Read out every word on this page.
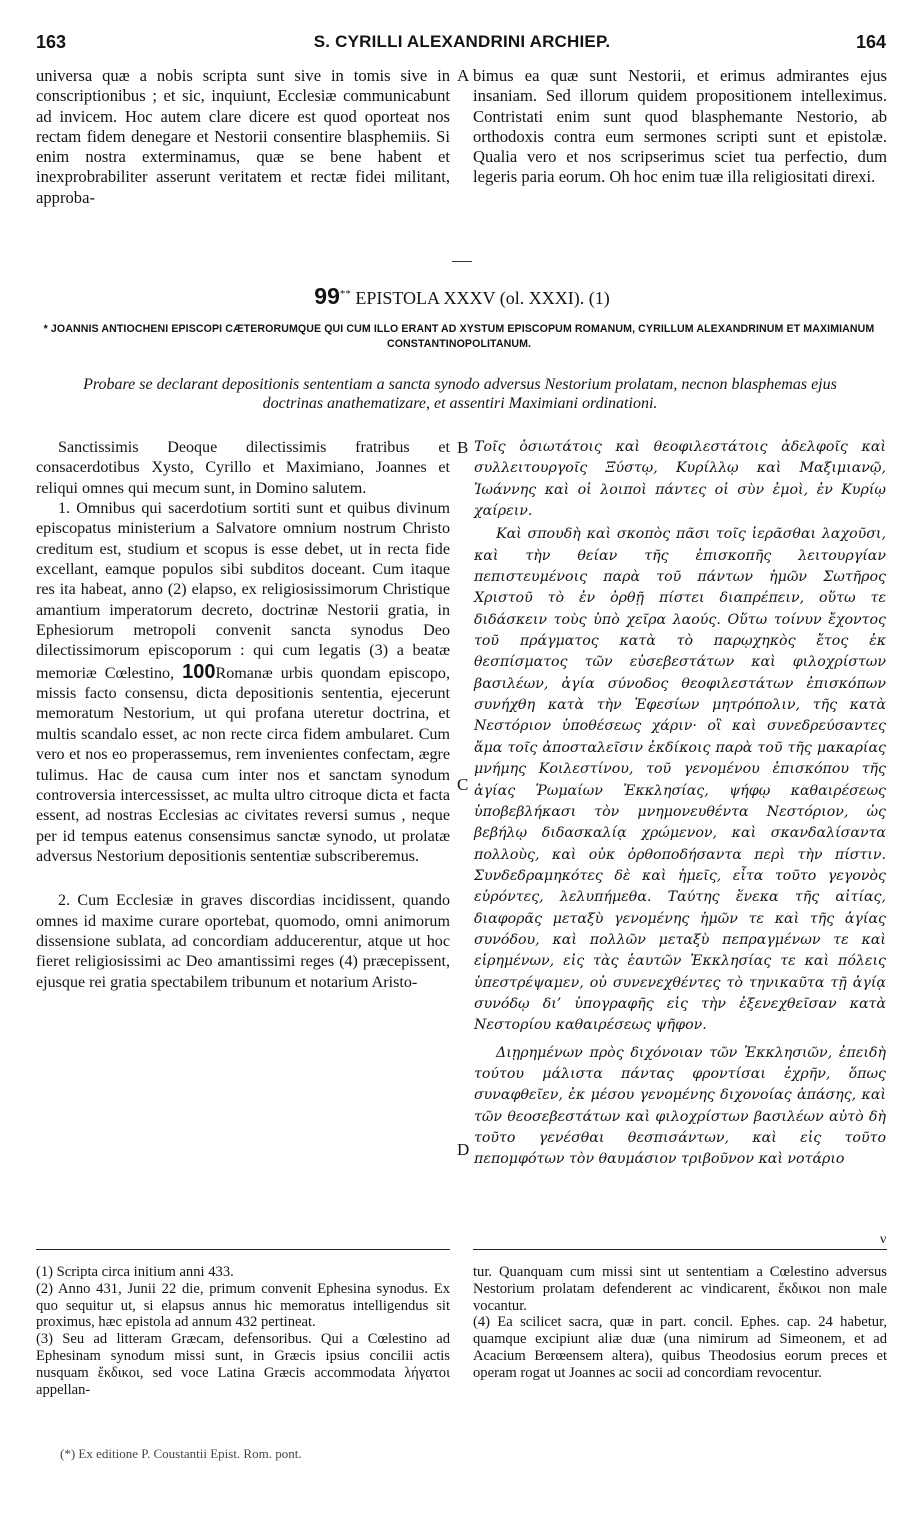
163	S. CYRILLI ALEXANDRINI ARCHIEP.	164

universa quæ a nobis scripta sunt sive in tomis sive in conscriptionibus ; et sic, inquiunt, Ecclesiæ communicabunt ad invicem. Hoc autem clare dicere est quod oporteat nos rectam fidem denegare et Nestorii consentire blasphemiis. Si enim nostra exterminamus, quæ se bene habent et inexprobrabiliter asserunt veritatem et rectæ fidei militant, approba-

A bimus ea quæ sunt Nestorii, et erimus admirantes ejus insaniam. Sed illorum quidem propositionem intelleximus. Contristati enim sunt quod blasphemante Nestorio, ab orthodoxis contra eum sermones scripti sunt et epistolæ. Qualia vero et nos scripserimus sciet tua perfectio, dum legeris paria eorum. Oh hoc enim tuæ illa religiositati direxi.

99** EPISTOLA XXXV (ol. XXXI). (1)
* JOANNIS ANTIOCHENI EPISCOPI CÆTERORUMQUE QUI CUM ILLO ERANT AD XYSTUM EPISCOPUM ROMANUM, CYRILLUM ALEXANDRINUM ET MAXIMIANUM CONSTANTINOPOLITANUM.
Probare se declarant depositionis sententiam a sancta synodo adversus Nestorium prolatam, necnon blasphemas ejus doctrinas anathematizare, et assentiri Maximiani ordinationi.

Sanctissimis Deoque dilectissimis fratribus et consacerdotibus Xysto, Cyrillo et Maximiano, Joannes et reliqui omnes qui mecum sunt, in Domino salutem.

1. Omnibus qui sacerdotium sortiti sunt et quibus divinum episcopatus ministerium a Salvatore omnium nostrum Christo creditum est, studium et scopus is esse debet, ut in recta fide excellant, eamque populos sibi subditos doceant. Cum itaque res ita habeat, anno (2) elapso, ex religiosissimorum Christique amantium imperatorum decreto, doctrinæ Nestorii gratia, in Ephesiorum metropoli convenit sancta synodus Deo dilectissimorum episcoporum : qui cum legatis (3) a beatæ memoriæ Cœlestino, 100Romanæ urbis quondam episcopo, missis facto consensu, dicta depositionis sententia, ejecerunt memoratum Nestorium, ut qui profana uteretur doctrina, et multis scandalo esset, ac non recte circa fidem ambularet. Cum vero et nos eo properassemus, rem invenientes confectam, ægre tulimus. Hac de causa cum inter nos et sanctam synodum controversia intercessisset, ac multa ultro citroque dicta et facta essent, ad nostras Ecclesias ac civitates reversi sumus , neque per id tempus eatenus consensimus sanctæ synodo, ut prolatæ adversus Nestorium depositionis sententiæ subscriberemus.

2. Cum Ecclesiæ in graves discordias incidissent, quando omnes id maxime curare oportebat, quomodo, omni animorum dissensione sublata, ad concordiam adducerentur, atque ut hoc fieret religiosissimi ac Deo amantissimi reges (4) præcepissent, ejusque rei gratia spectabilem tribunum et notarium Aristo-

B
C
D

Τοῖς ὁσιωτάτοις καὶ θεοφιλεστάτοις ἀδελφοῖς καὶ συλλειτουργοῖς Ξύστῳ, Κυρίλλῳ καὶ Μαξιμιανῷ, Ἰωάννης καὶ οἱ λοιποὶ πάντες οἱ σὺν ἐμοὶ, ἐν Κυρίῳ χαίρειν.

Καὶ σπουδὴ καὶ σκοπὸς πᾶσι τοῖς ἱερᾶσθαι λαχοῦσι, καὶ τὴν θείαν τῆς ἐπισκοπῆς λειτουργίαν πεπιστευμένοις παρὰ τοῦ πάντων ἡμῶν Σωτῆρος Χριστοῦ τὸ ἐν ὀρθῇ πίστει διαπρέπειν, οὕτω τε διδάσκειν τοὺς ὑπὸ χεῖρα λαούς. Οὕτω τοίνυν ἔχοντος τοῦ πράγματος κατὰ τὸ παρῳχηκὸς ἔτος ἐκ θεσπίσματος τῶν εὐσεβεστάτων καὶ φιλοχρίστων βασιλέων, ἁγία σύνοδος θεοφιλεστάτων ἐπισκόπων συνήχθη κατὰ τὴν Ἐφεσίων μητρόπολιν, τῆς κατὰ Νεστόριον ὑποθέσεως χάριν· οἳ καὶ συνεδρεύσαντες ἅμα τοῖς ἀποσταλεῖσιν ἐκδίκοις παρὰ τοῦ τῆς μακαρίας μνήμης Κοιλεστίνου, τοῦ γενομένου ἐπισκόπου τῆς ἁγίας Ῥωμαίων Ἐκκλησίας, ψήφῳ καθαιρέσεως ὑποβεβλήκασι τὸν μνημονευθέντα Νεστόριον, ὡς βεβήλῳ διδασκαλίᾳ χρώμενον, καὶ σκανδαλίσαντα πολλοὺς, καὶ οὐκ ὀρθοποδήσαντα περὶ τὴν πίστιν. Συνδεδραμηκότες δὲ καὶ ἡμεῖς, εἶτα τοῦτο γεγονὸς εὑρόντες, λελυπήμεθα. Ταύτης ἕνεκα τῆς αἰτίας, διαφορᾶς μεταξὺ γενομένης ἡμῶν τε καὶ τῆς ἁγίας συνόδου, καὶ πολλῶν μεταξὺ πεπραγμένων τε καὶ εἰρημένων, εἰς τὰς ἑαυτῶν Ἐκκλησίας τε καὶ πόλεις ὑπεστρέψαμεν, οὐ συνενεχθέντες τὸ τηνικαῦτα τῇ ἁγίᾳ συνόδῳ δι’ ὑπογραφῆς εἰς τὴν ἐξενεχθεῖσαν κατὰ Νεστορίου καθαιρέσεως ψῆφον.

Διῃρημένων πρὸς διχόνοιαν τῶν Ἐκκλησιῶν, ἐπειδὴ τούτου μάλιστα πάντας φροντίσαι ἐχρῆν, ὅπως συναφθεῖεν, ἐκ μέσου γενομένης διχονοίας ἁπάσης, καὶ τῶν θεοσεβεστάτων καὶ φιλοχρίστων βασιλέων αὐτὸ δὴ τοῦτο γενέσθαι θεσπισάντων, καὶ εἰς τοῦτο πεπομφότων τὸν θαυμάσιον τριβοῦνον καὶ νοτάριο

ν

(1) Scripta circa initium anni 433.

(2) Anno 431, Junii 22 die, primum convenit Ephesina synodus. Ex quo sequitur ut, si elapsus annus hic memoratus intelligendus sit proximus, hæc epistola ad annum 432 pertineat.

(3) Seu ad litteram Græcam, defensoribus. Qui a Cœlestino ad Ephesinam synodum missi sunt, in Græcis ipsius concilii actis nusquam ἔκδικοι, sed voce Latina Græcis accommodata λήγατοι appellan-

tur. Quanquam cum missi sint ut sententiam a Cœlestino adversus Nestorium prolatam defenderent ac vindicarent, ἔκδικοι non male vocantur.

(4) Ea scilicet sacra, quæ in part. concil. Ephes. cap. 24 habetur, quamque excipiunt aliæ duæ (una nimirum ad Simeonem, et ad Acacium Berœensem altera), quibus Theodosius eorum preces et operam rogat ut Joannes ac socii ad concordiam revocentur.

(*) Ex editione P. Coustantii Epist. Rom. pont.
